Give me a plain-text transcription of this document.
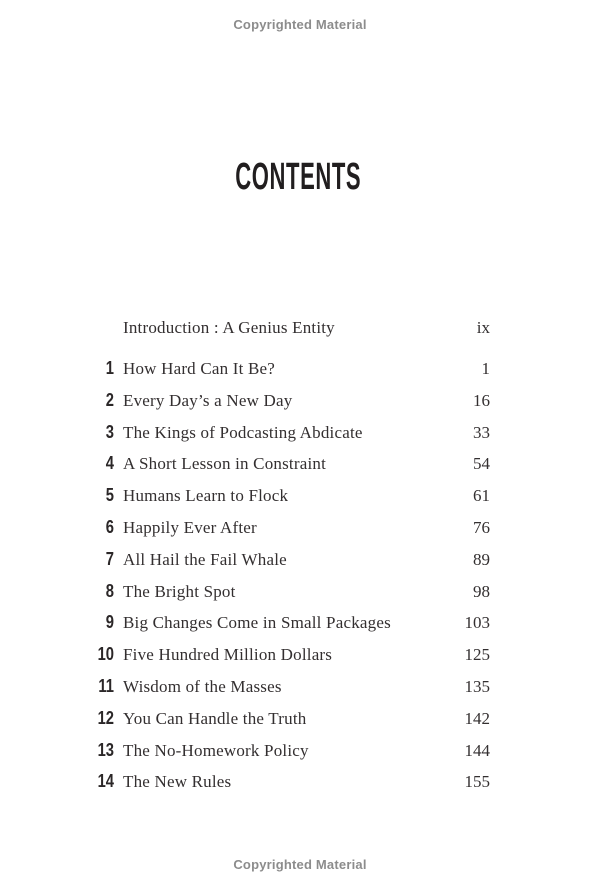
Copyrighted Material
CONTENTS
Introduction : A Genius Entity	ix
1 How Hard Can It Be?	1
2 Every Day’s a New Day	16
3 The Kings of Podcasting Abdicate	33
4 A Short Lesson in Constraint	54
5 Humans Learn to Flock	61
6 Happily Ever After	76
7 All Hail the Fail Whale	89
8 The Bright Spot	98
9 Big Changes Come in Small Packages	103
10 Five Hundred Million Dollars	125
11 Wisdom of the Masses	135
12 You Can Handle the Truth	142
13 The No-Homework Policy	144
14 The New Rules	155
Copyrighted Material
